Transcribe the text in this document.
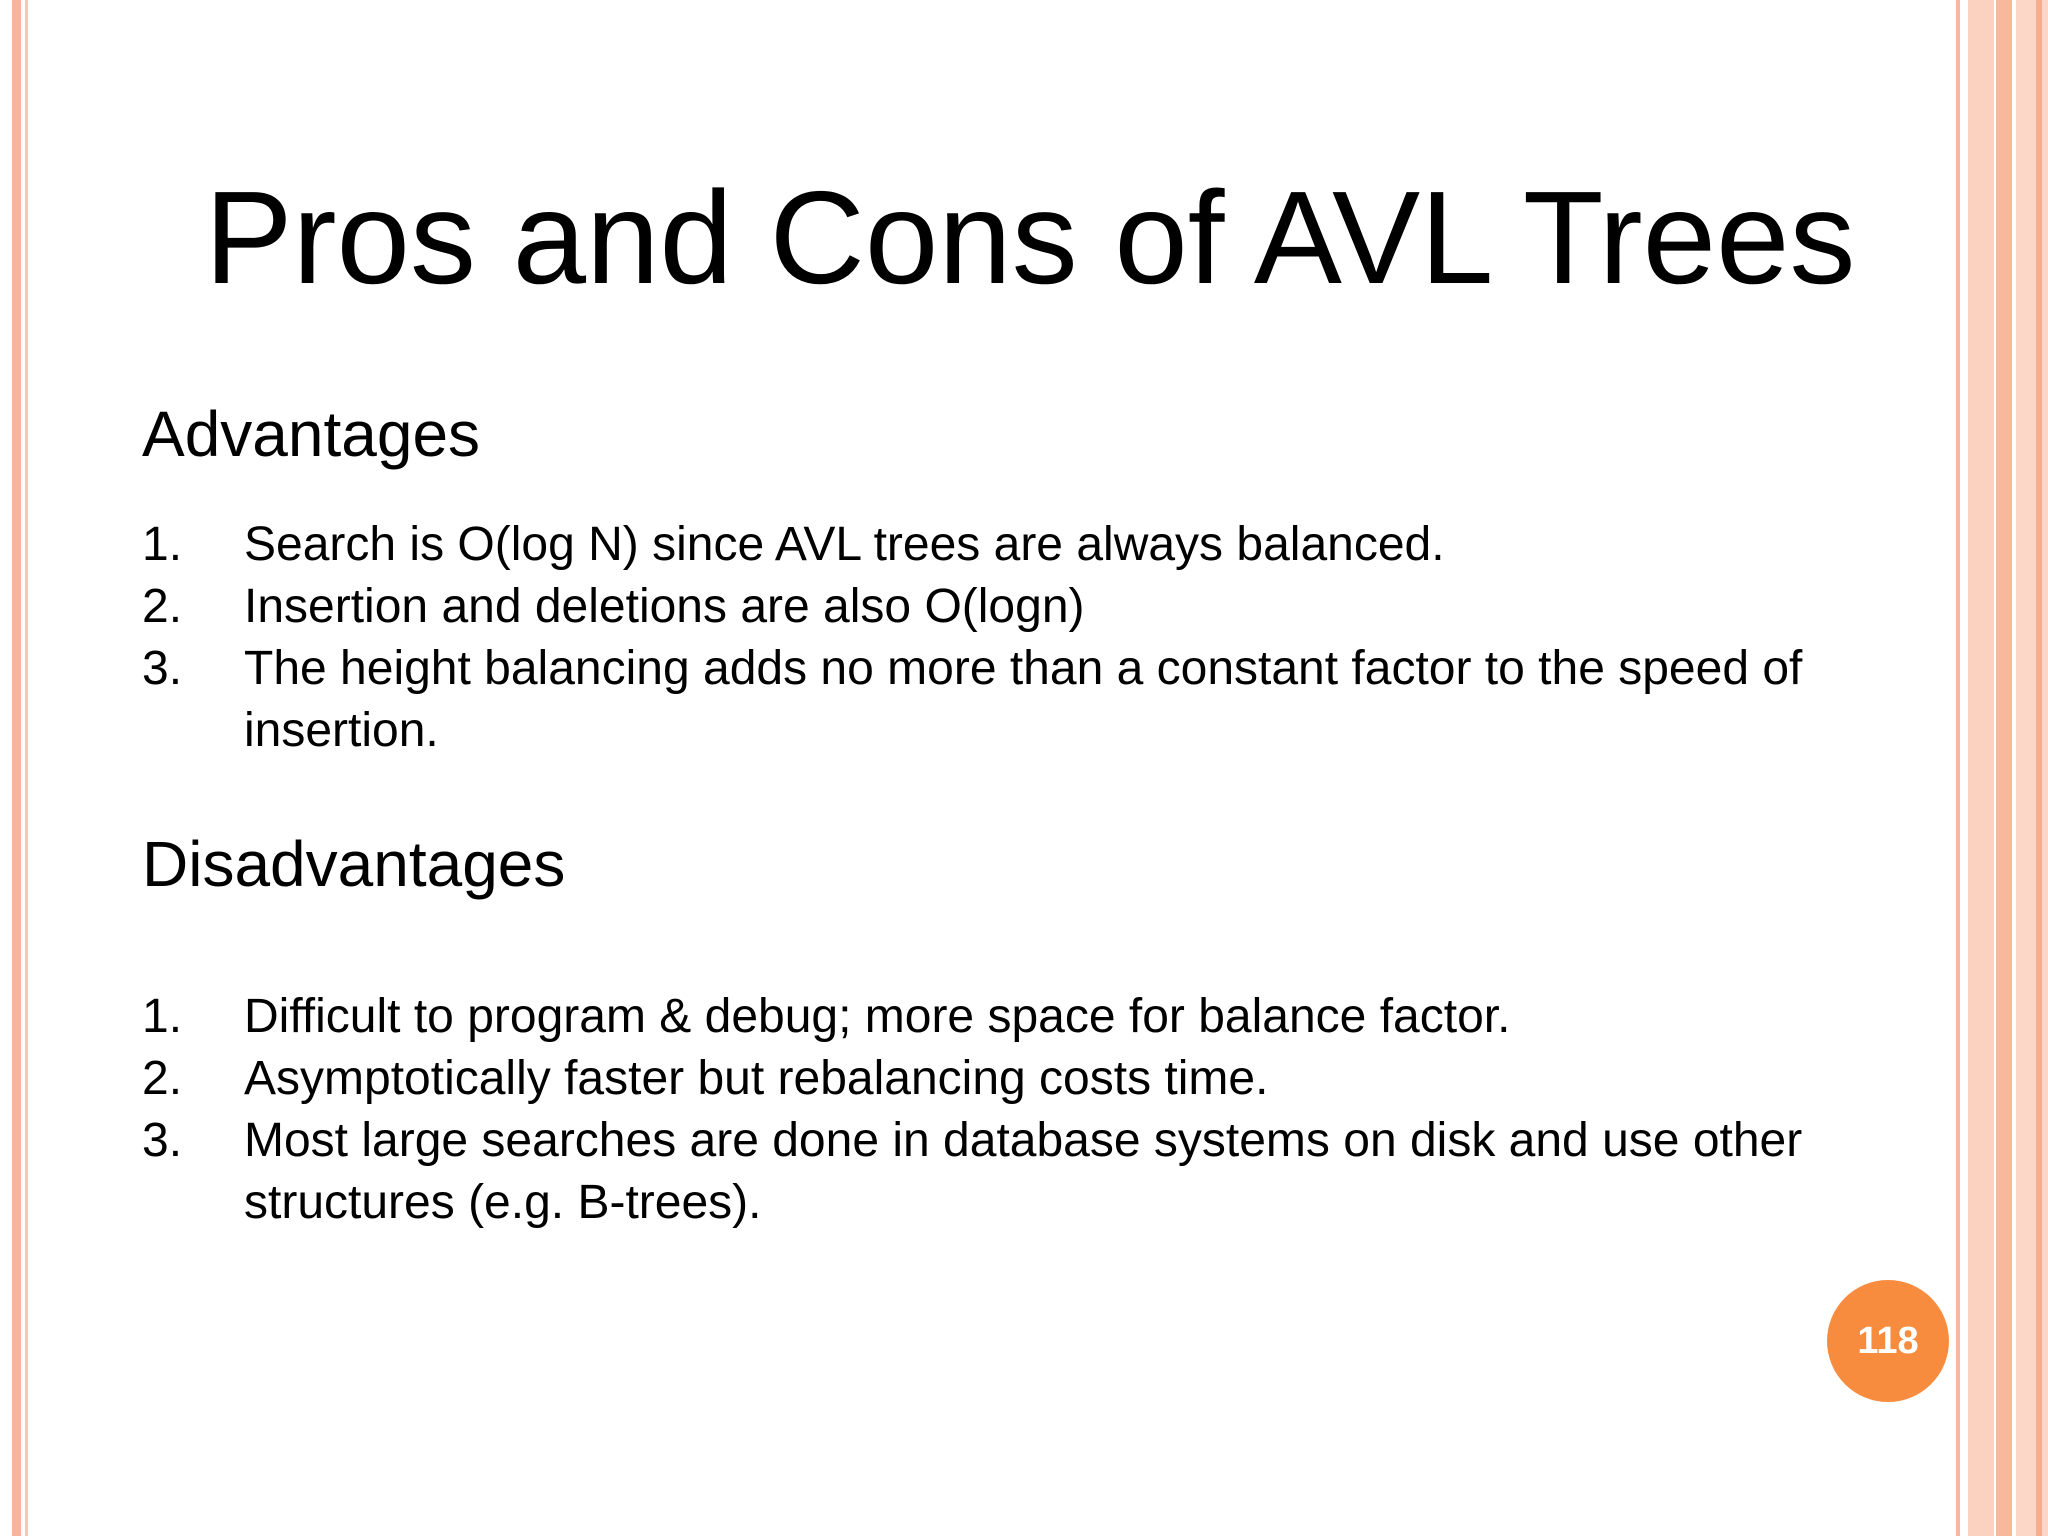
Pros and Cons of AVL Trees
Advantages
1. Search is O(log N) since AVL trees are always balanced.
2. Insertion and deletions are also O(logn)
3. The height balancing adds no more than a constant factor to the speed of insertion.
Disadvantages
1. Difficult to program & debug; more space for balance factor.
2. Asymptotically faster but rebalancing costs time.
3. Most large searches are done in database systems on disk and use other structures (e.g. B-trees).
118
